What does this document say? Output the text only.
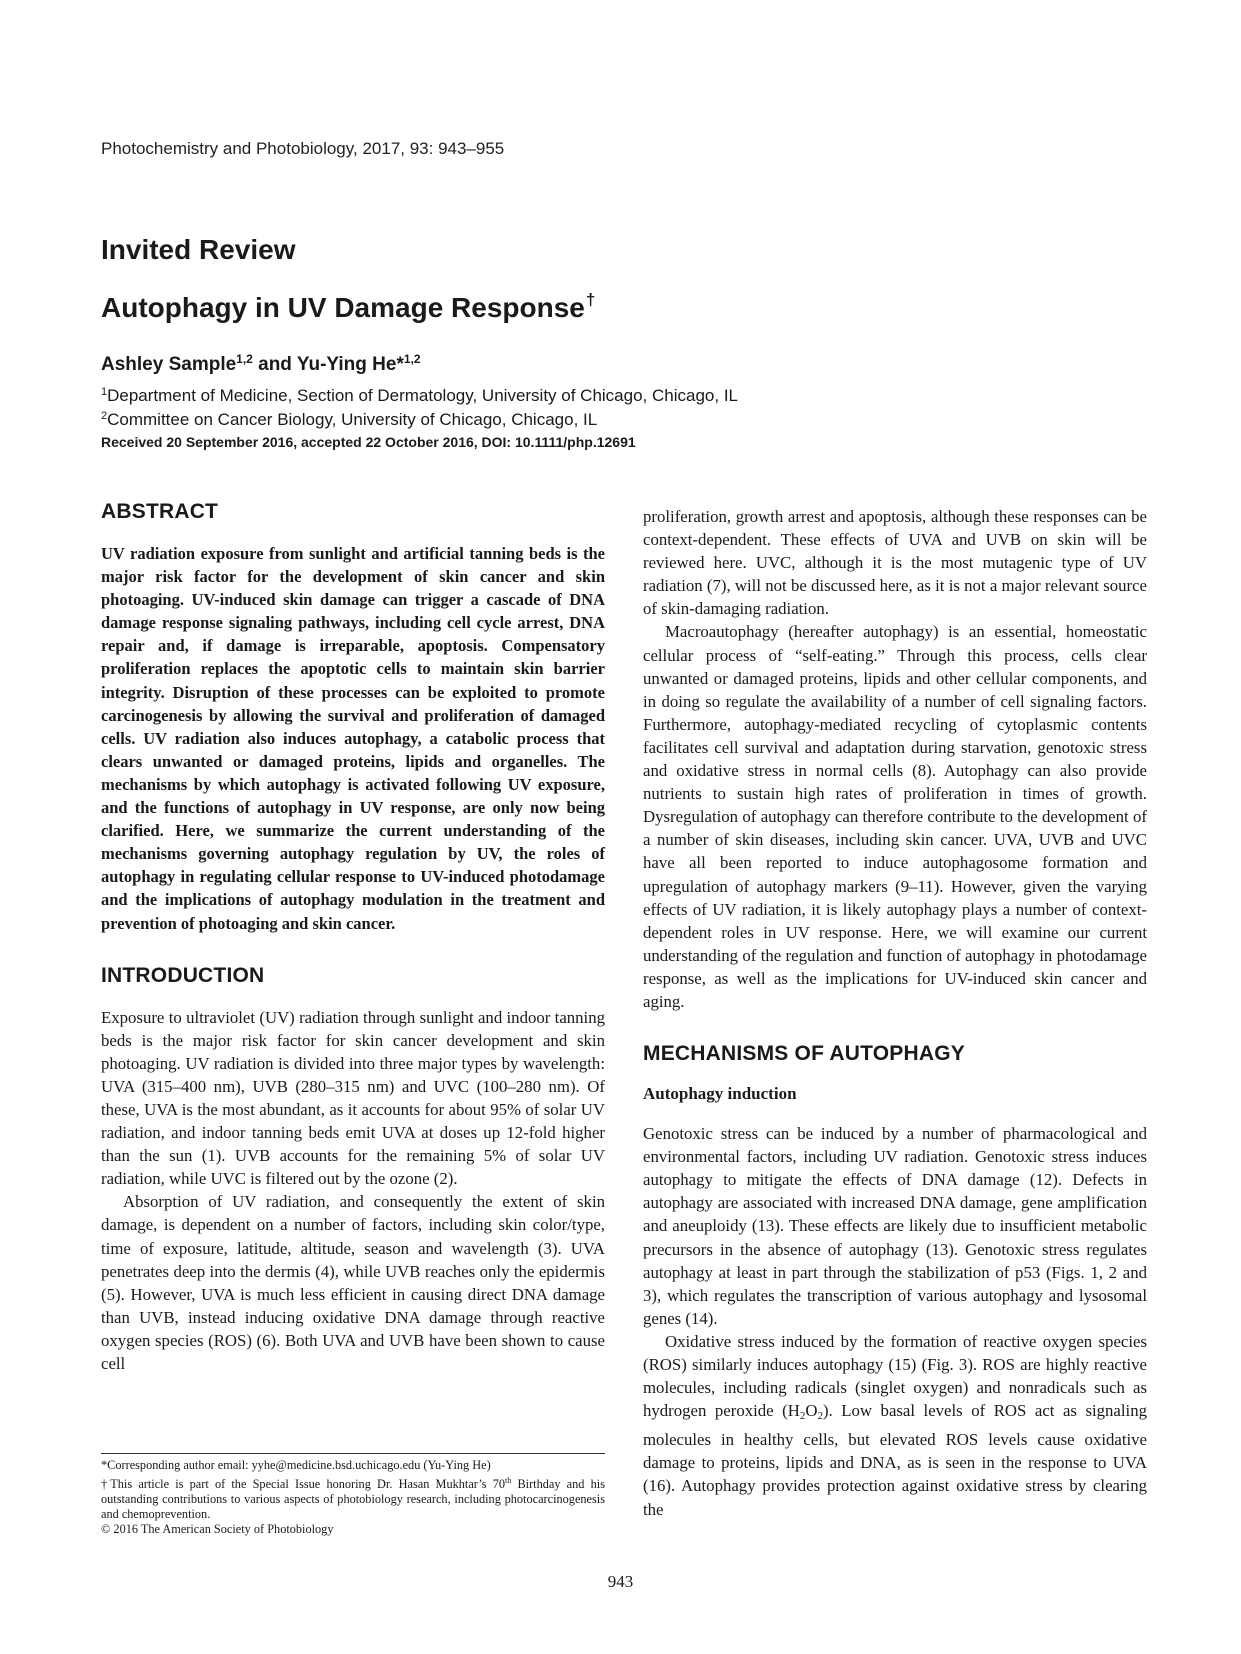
Photochemistry and Photobiology, 2017, 93: 943–955
Invited Review
Autophagy in UV Damage Response†
Ashley Sample$^{1,2}$ and Yu-Ying He*$^{1,2}$
$^1$Department of Medicine, Section of Dermatology, University of Chicago, Chicago, IL
$^2$Committee on Cancer Biology, University of Chicago, Chicago, IL
Received 20 September 2016, accepted 22 October 2016, DOI: 10.1111/php.12691
ABSTRACT

UV radiation exposure from sunlight and artificial tanning beds is the major risk factor for the development of skin cancer and skin photoaging. UV-induced skin damage can trigger a cascade of DNA damage response signaling pathways, including cell cycle arrest, DNA repair and, if damage is irreparable, apoptosis. Compensatory proliferation replaces the apoptotic cells to maintain skin barrier integrity. Disruption of these processes can be exploited to promote carcinogenesis by allowing the survival and proliferation of damaged cells. UV radiation also induces autophagy, a catabolic process that clears unwanted or damaged proteins, lipids and organelles. The mechanisms by which autophagy is activated following UV exposure, and the functions of autophagy in UV response, are only now being clarified. Here, we summarize the current understanding of the mechanisms governing autophagy regulation by UV, the roles of autophagy in regulating cellular response to UV-induced photodamage and the implications of autophagy modulation in the treatment and prevention of photoaging and skin cancer.

INTRODUCTION

Exposure to ultraviolet (UV) radiation through sunlight and indoor tanning beds is the major risk factor for skin cancer development and skin photoaging. UV radiation is divided into three major types by wavelength: UVA (315–400 nm), UVB (280–315 nm) and UVC (100–280 nm). Of these, UVA is the most abundant, as it accounts for about 95% of solar UV radiation, and indoor tanning beds emit UVA at doses up 12-fold higher than the sun (1). UVB accounts for the remaining 5% of solar UV radiation, while UVC is filtered out by the ozone (2).

Absorption of UV radiation, and consequently the extent of skin damage, is dependent on a number of factors, including skin color/type, time of exposure, latitude, altitude, season and wavelength (3). UVA penetrates deep into the dermis (4), while UVB reaches only the epidermis (5). However, UVA is much less efficient in causing direct DNA damage than UVB, instead inducing oxidative DNA damage through reactive oxygen species (ROS) (6). Both UVA and UVB have been shown to cause cell

proliferation, growth arrest and apoptosis, although these responses can be context-dependent. These effects of UVA and UVB on skin will be reviewed here. UVC, although it is the most mutagenic type of UV radiation (7), will not be discussed here, as it is not a major relevant source of skin-damaging radiation.

Macroautophagy (hereafter autophagy) is an essential, homeostatic cellular process of “self-eating.” Through this process, cells clear unwanted or damaged proteins, lipids and other cellular components, and in doing so regulate the availability of a number of cell signaling factors. Furthermore, autophagy-mediated recycling of cytoplasmic contents facilitates cell survival and adaptation during starvation, genotoxic stress and oxidative stress in normal cells (8). Autophagy can also provide nutrients to sustain high rates of proliferation in times of growth. Dysregulation of autophagy can therefore contribute to the development of a number of skin diseases, including skin cancer. UVA, UVB and UVC have all been reported to induce autophagosome formation and upregulation of autophagy markers (9–11). However, given the varying effects of UV radiation, it is likely autophagy plays a number of context-dependent roles in UV response. Here, we will examine our current understanding of the regulation and function of autophagy in photodamage response, as well as the implications for UV-induced skin cancer and aging.

MECHANISMS OF AUTOPHAGY
Autophagy induction

Genotoxic stress can be induced by a number of pharmacological and environmental factors, including UV radiation. Genotoxic stress induces autophagy to mitigate the effects of DNA damage (12). Defects in autophagy are associated with increased DNA damage, gene amplification and aneuploidy (13). These effects are likely due to insufficient metabolic precursors in the absence of autophagy (13). Genotoxic stress regulates autophagy at least in part through the stabilization of p53 (Figs. 1, 2 and 3), which regulates the transcription of various autophagy and lysosomal genes (14).

Oxidative stress induced by the formation of reactive oxygen species (ROS) similarly induces autophagy (15) (Fig. 3). ROS are highly reactive molecules, including radicals (singlet oxygen) and nonradicals such as hydrogen peroxide $(H_2O_2)$. Low basal levels of ROS act as signaling molecules in healthy cells, but elevated ROS levels cause oxidative damage to proteins, lipids and DNA, as is seen in the response to UVA (16). Autophagy provides protection against oxidative stress by clearing the

*Corresponding author email: yyhe@medicine.bsd.uchicago.edu (Yu-Ying He)

†This article is part of the Special Issue honoring Dr. Hasan Mukhtar’s 70th Birthday and his outstanding contributions to various aspects of photobiology research, including photocarcinogenesis and chemoprevention.

© 2016 The American Society of Photobiology

943
